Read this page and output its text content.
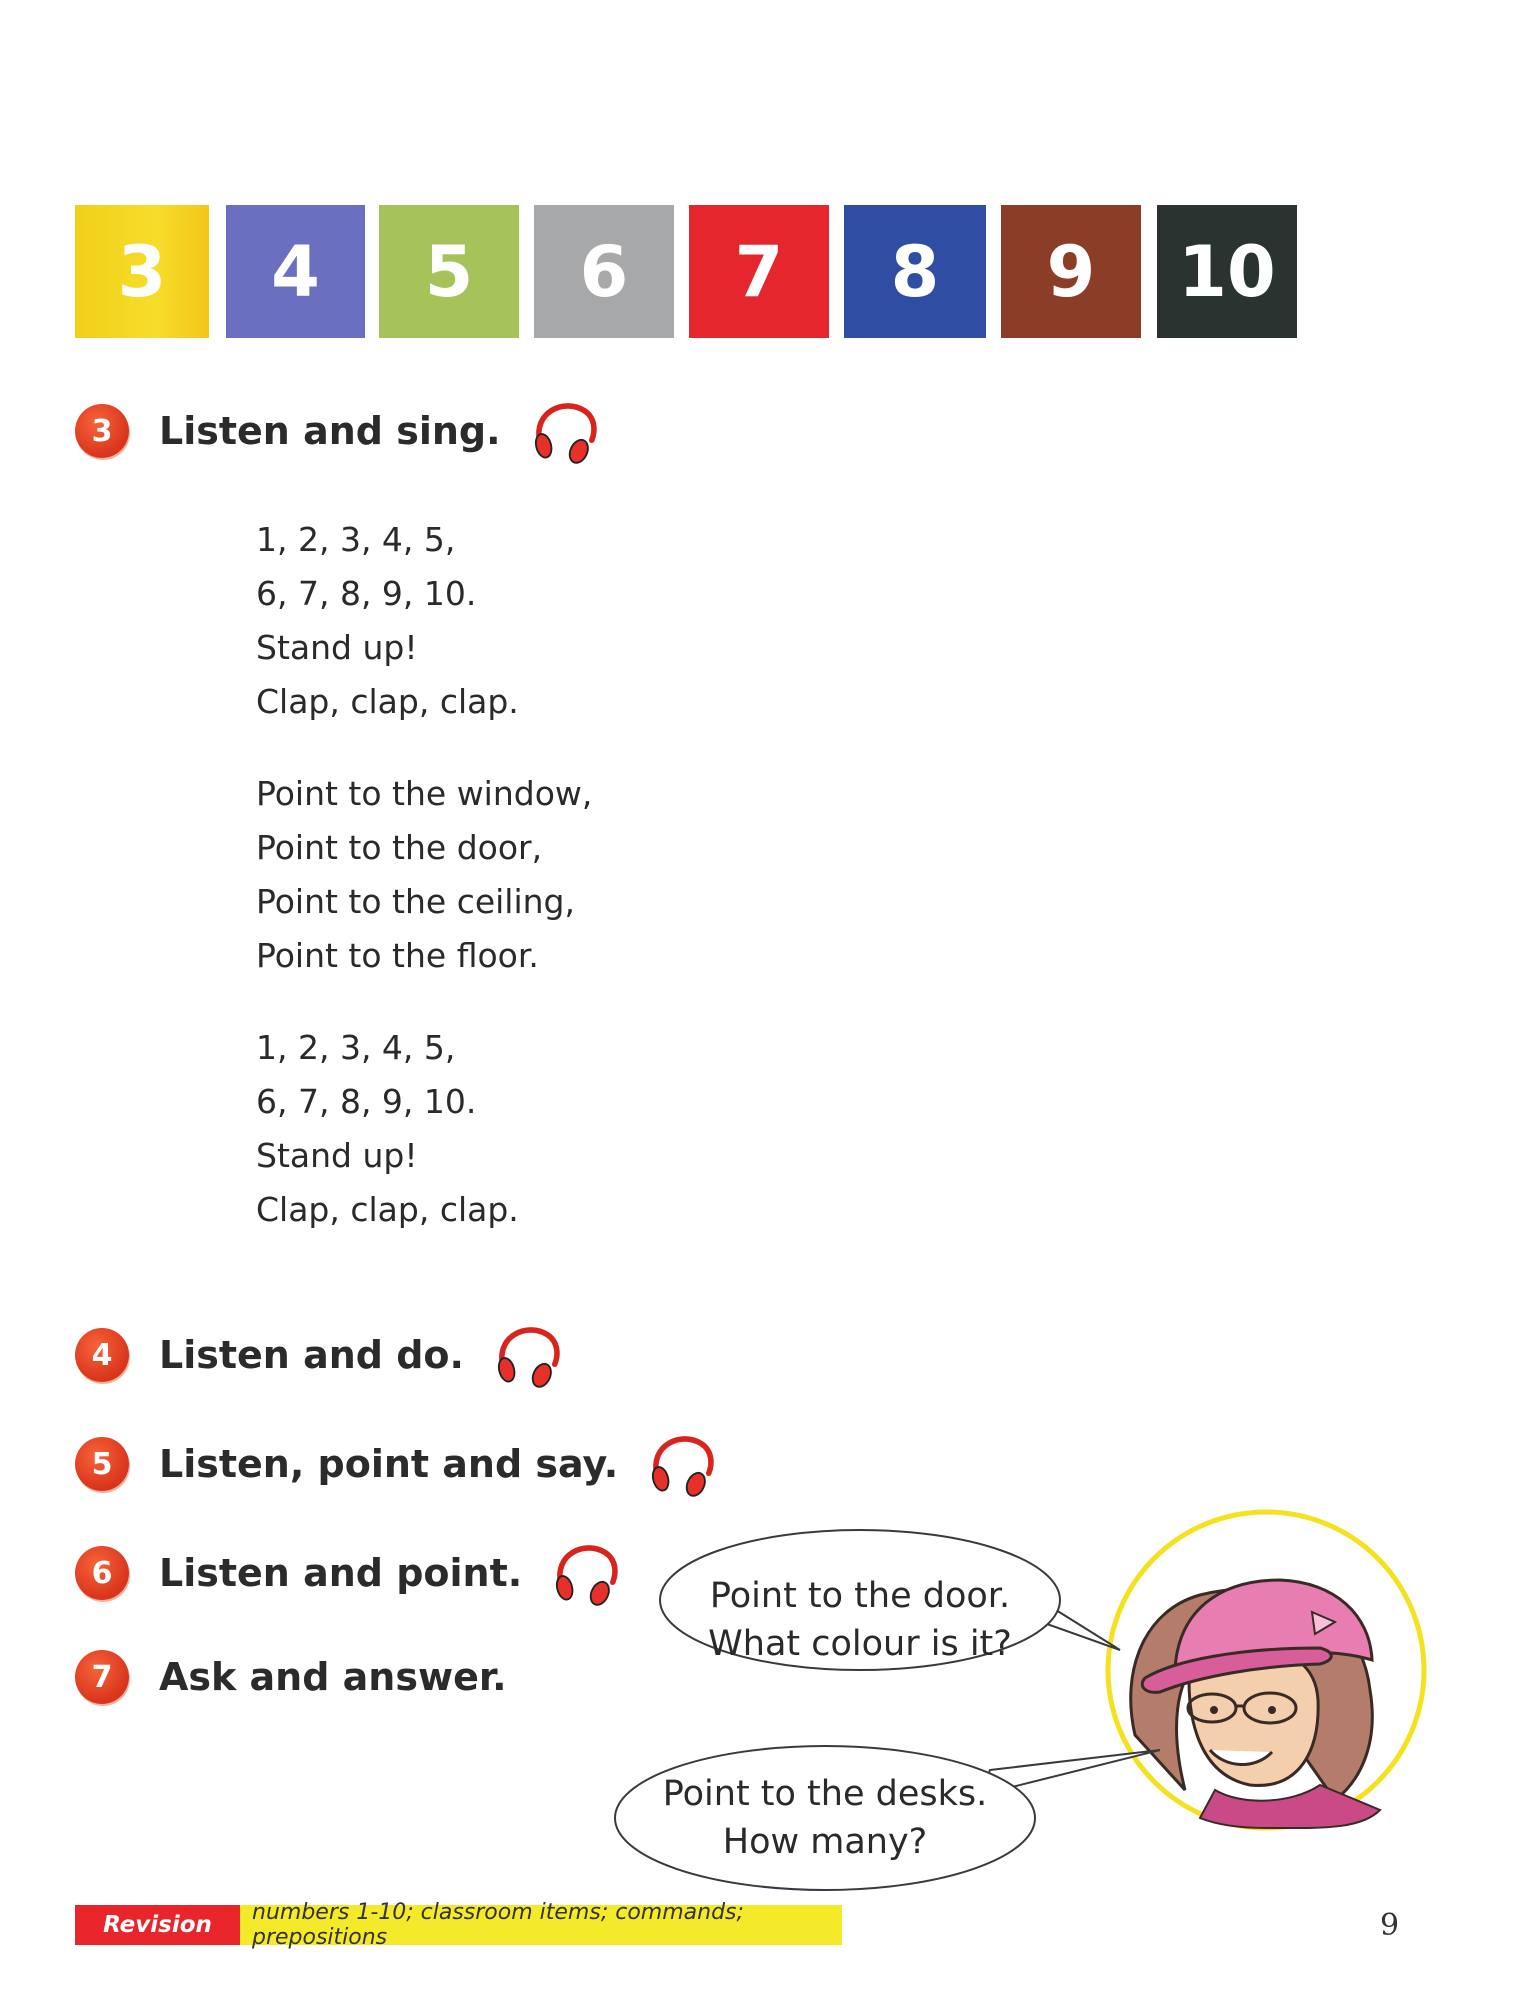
3	4	5	6	7	8	9	10
3	Listen and sing.
1, 2, 3, 4, 5,
6, 7, 8, 9, 10.
Stand up!
Clap, clap, clap.
Point to the window,
Point to the door,
Point to the ceiling,
Point to the floor.
1, 2, 3, 4, 5,
6, 7, 8, 9, 10.
Stand up!
Clap, clap, clap.
4	Listen and do.
5	Listen, point and say.
6	Listen and point.
7	Ask and answer.
Point to the door.
What colour is it?
Point to the desks.
How many?
Revision	numbers 1-10; classroom items; commands; prepositions	9
